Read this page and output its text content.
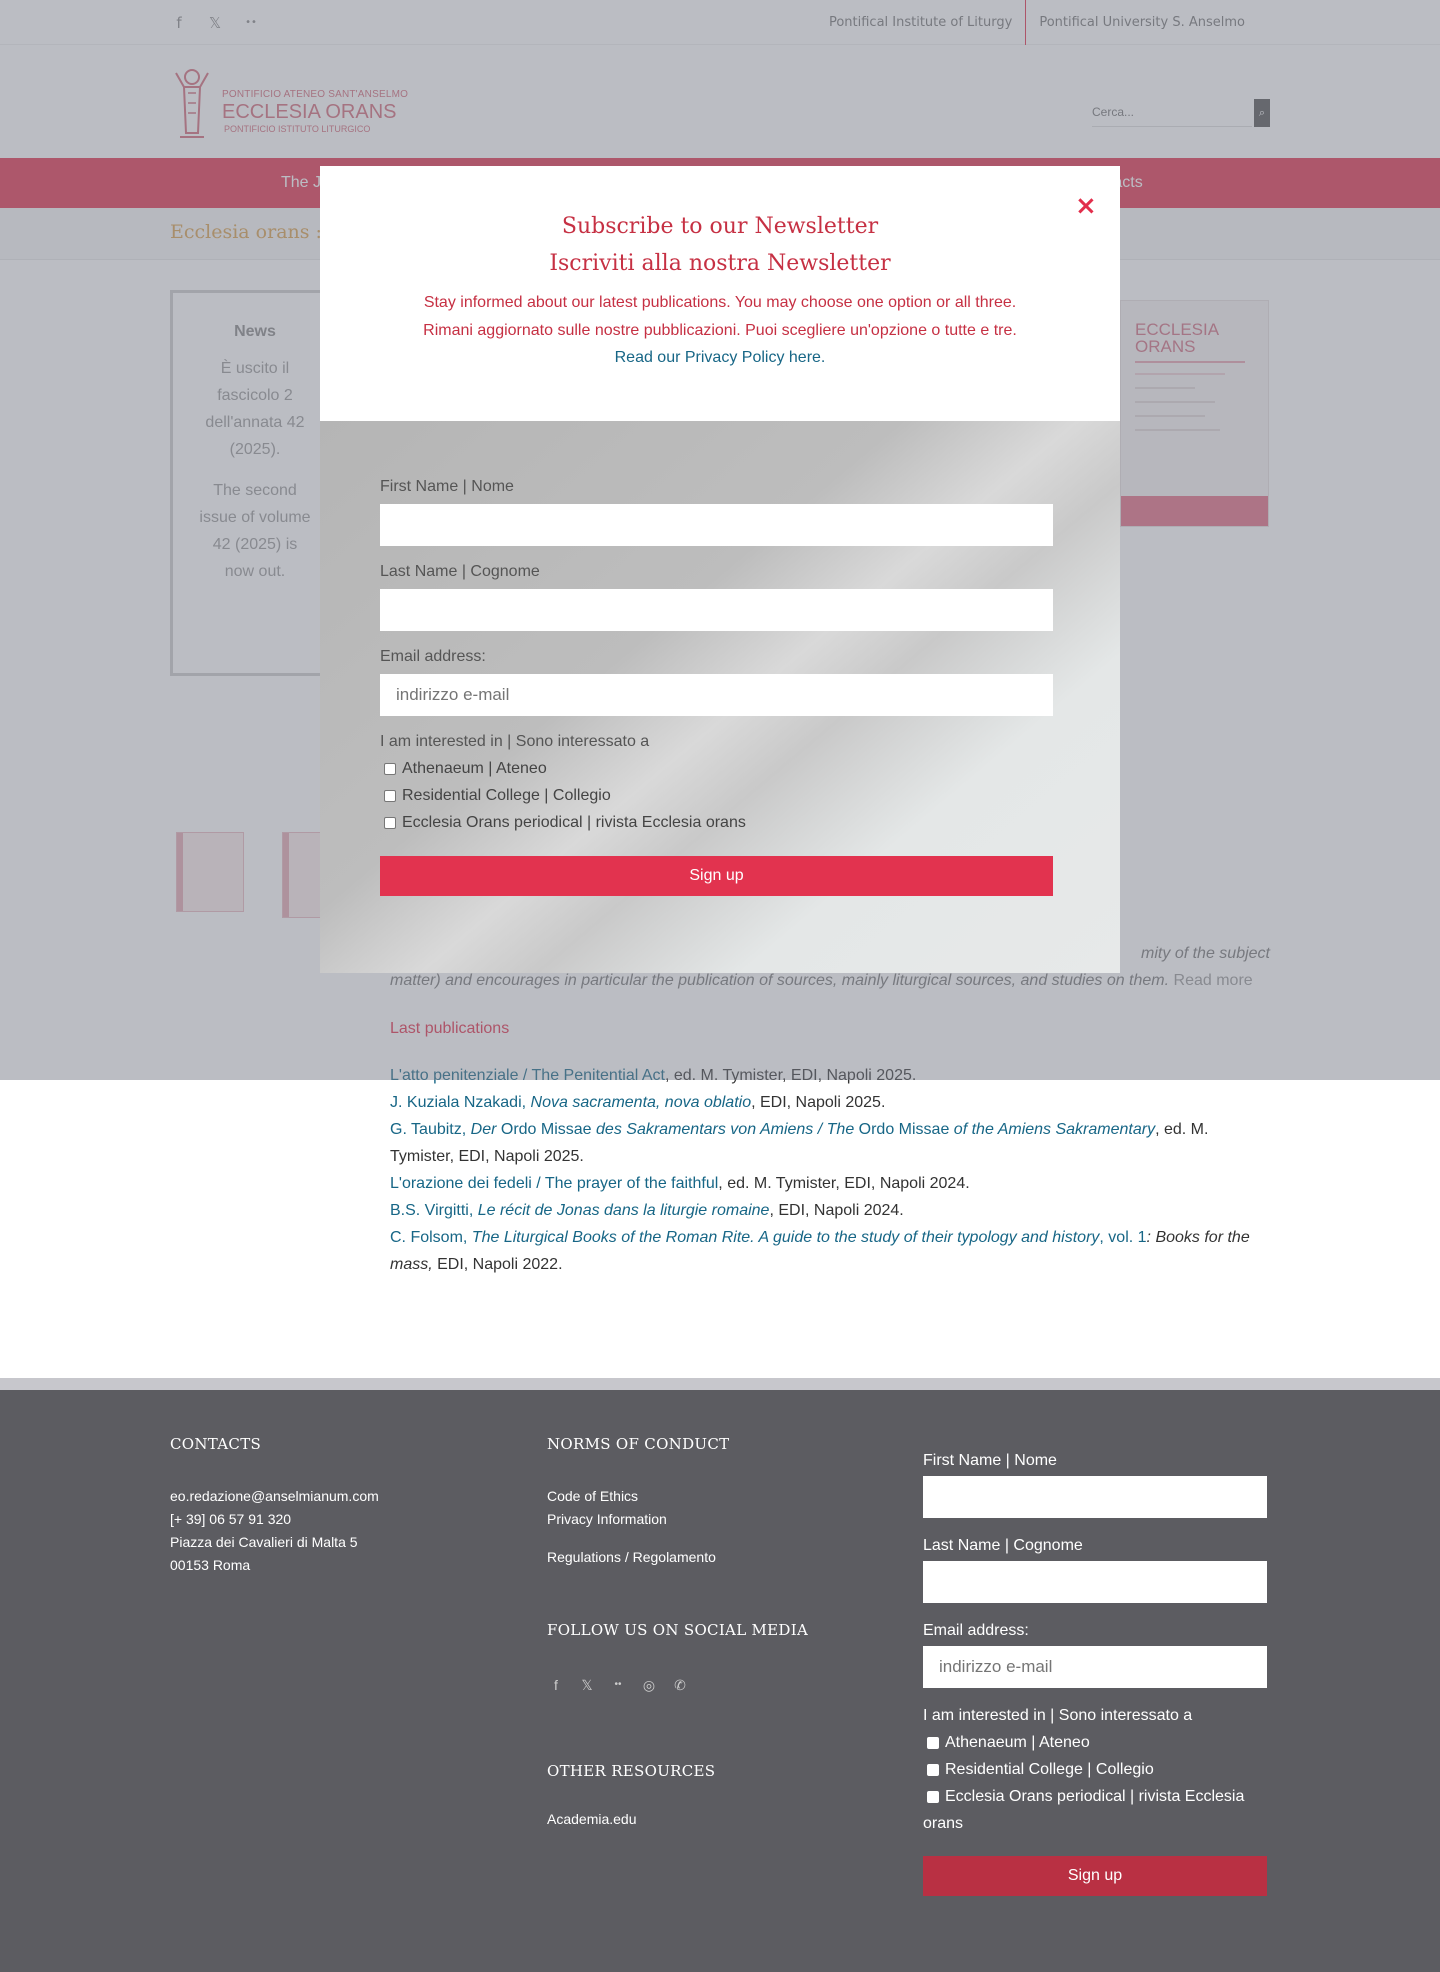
Cerca...

J. Kuziala Nzakadi, Nova sacramenta, nova oblatio, EDI, Napoli 2025.

G. Taubitz, Der Ordo Missae des Sakramentars von Amiens / The Ordo Missae of the Amiens Sakramentary, ed. M.
Tymister, EDI, Napoli 2025.

L'orazione dei fedeli / The prayer of the faithful, ed. M. Tymister, EDI, Napoli 2024.

B.S. Virgitti, Le récit de Jonas dans la liturgie romaine, EDI, Napoli 2024.

C. Folsom, The Liturgical Books of the Roman Rite. A guide to the study of their typology and history, vol. 1: Books for the
mass, EDI, Napoli 2022.

CONTACTS
eo.redazione@anselmianum.com
[+ 39] 06 57 91 320
Piazza dei Cavalieri di Malta 5
00153 Roma
NORMS OF CONDUCT
Code of Ethics
Privacy Information
Regulations / Regolamento
FOLLOW US ON SOCIAL MEDIA
f	𝕏	••	◎ ✆
OTHER RESOURCES
Academia.edu
First Name | Nome
Last Name | Cognome
Email address:
indirizzo e-mail
I am interested in | Sono interessato a
Athenaeum | Ateneo
Residential College | Collegio
Ecclesia Orans periodical | rivista Ecclesia
orans
Sign up
×
Subscribe to our Newsletter
Iscriviti alla nostra Newsletter
Stay informed about our latest publications. You may choose one option or all three.
Rimani aggiornato sulle nostre pubblicazioni. Puoi scegliere un'opzione o tutte e tre.
Read our Privacy Policy here.
First Name | Nome
Last Name | Cognome
Email address:
indirizzo e-mail
I am interested in | Sono interessato a
Athenaeum | Ateneo
Residential College | Collegio
Ecclesia Orans periodical | rivista Ecclesia orans
Sign up
